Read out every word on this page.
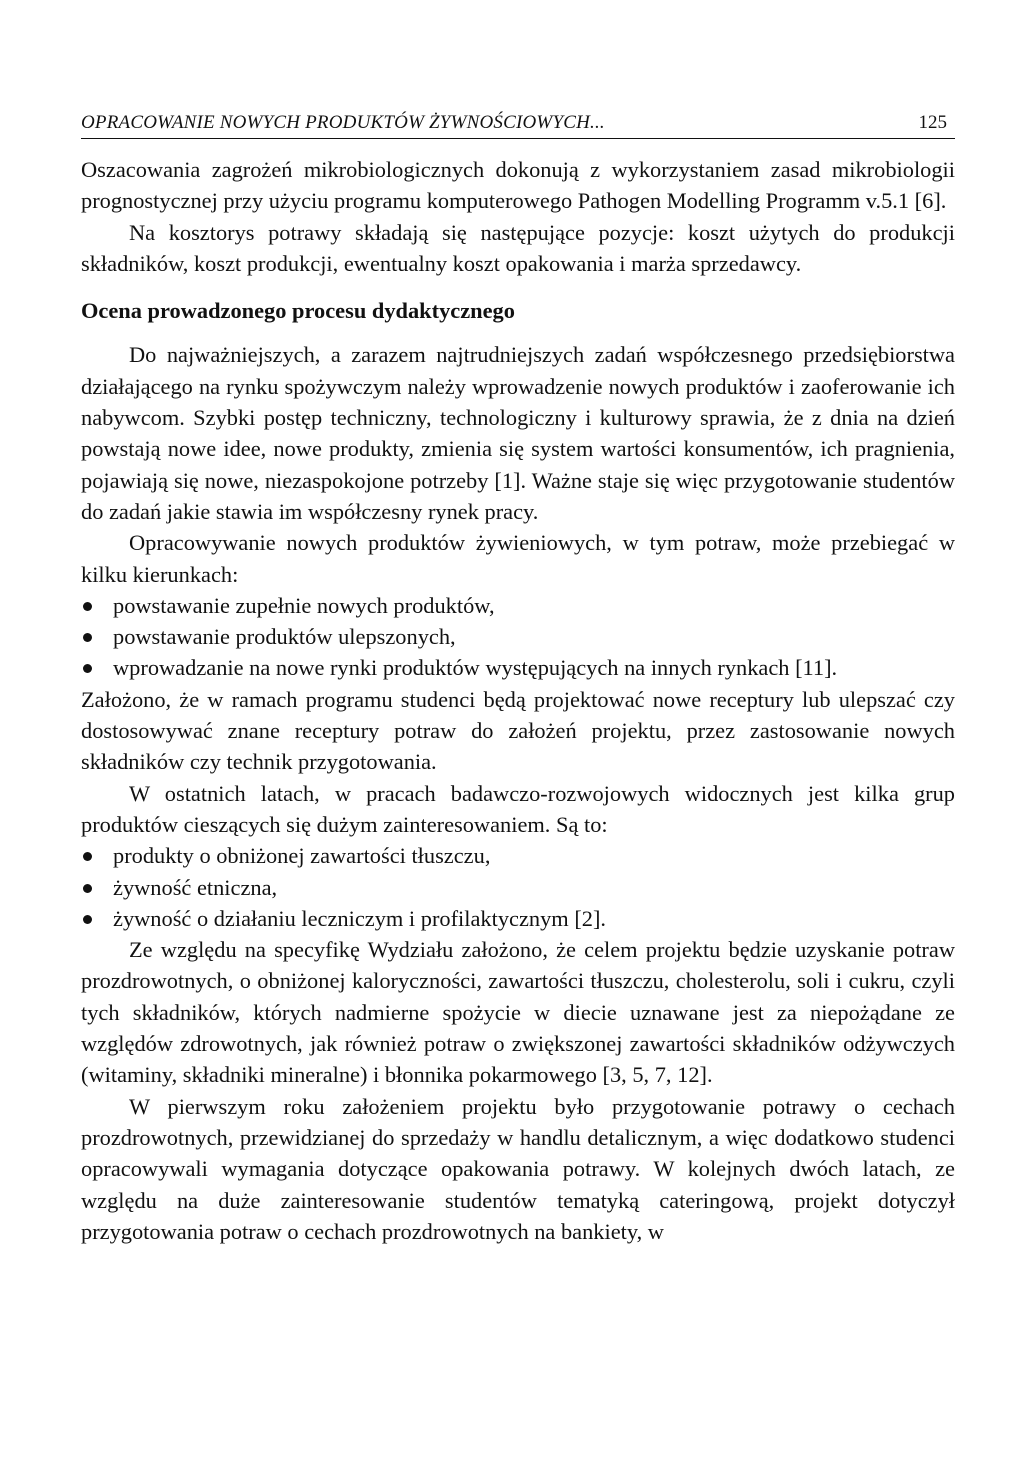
OPRACOWANIE NOWYCH PRODUKTÓW ŻYWNOŚCIOWYCH...	125

Oszacowania zagrożeń mikrobiologicznych dokonują z wykorzystaniem zasad mikrobiologii prognostycznej przy użyciu programu komputerowego Pathogen Modelling Programm v.5.1 [6].

Na kosztorys potrawy składają się następujące pozycje: koszt użytych do produkcji składników, koszt produkcji, ewentualny koszt opakowania i marża sprzedawcy.

Ocena prowadzonego procesu dydaktycznego

Do najważniejszych, a zarazem najtrudniejszych zadań współczesnego przedsiębiorstwa działającego na rynku spożywczym należy wprowadzenie nowych produktów i zaoferowanie ich nabywcom. Szybki postęp techniczny, technologiczny i kulturowy sprawia, że z dnia na dzień powstają nowe idee, nowe produkty, zmienia się system wartości konsumentów, ich pragnienia, pojawiają się nowe, niezaspokojone potrzeby [1]. Ważne staje się więc przygotowanie studentów do zadań jakie stawia im współczesny rynek pracy.

Opracowywanie nowych produktów żywieniowych, w tym potraw, może przebiegać w kilku kierunkach:

powstawanie zupełnie nowych produktów,
powstawanie produktów ulepszonych,
wprowadzanie na nowe rynki produktów występujących na innych rynkach [11].

Założono, że w ramach programu studenci będą projektować nowe receptury lub ulepszać czy dostosowywać znane receptury potraw do założeń projektu, przez zastosowanie nowych składników czy technik przygotowania.

W ostatnich latach, w pracach badawczo-rozwojowych widocznych jest kilka grup produktów cieszących się dużym zainteresowaniem. Są to:

produkty o obniżonej zawartości tłuszczu,
żywność etniczna,
żywność o działaniu leczniczym i profilaktycznym [2].

Ze względu na specyfikę Wydziału założono, że celem projektu będzie uzyskanie potraw prozdrowotnych, o obniżonej kaloryczności, zawartości tłuszczu, cholesterolu, soli i cukru, czyli tych składników, których nadmierne spożycie w diecie uznawane jest za niepożądane ze względów zdrowotnych, jak również potraw o zwiększonej zawartości składników odżywczych (witaminy, składniki mineralne) i błonnika pokarmowego [3, 5, 7, 12].

W pierwszym roku założeniem projektu było przygotowanie potrawy o cechach prozdrowotnych, przewidzianej do sprzedaży w handlu detalicznym, a więc dodatkowo studenci opracowywali wymagania dotyczące opakowania potrawy. W kolejnych dwóch latach, ze względu na duże zainteresowanie studentów tematyką cateringową, projekt dotyczył przygotowania potraw o cechach prozdrowotnych na bankiety, w
